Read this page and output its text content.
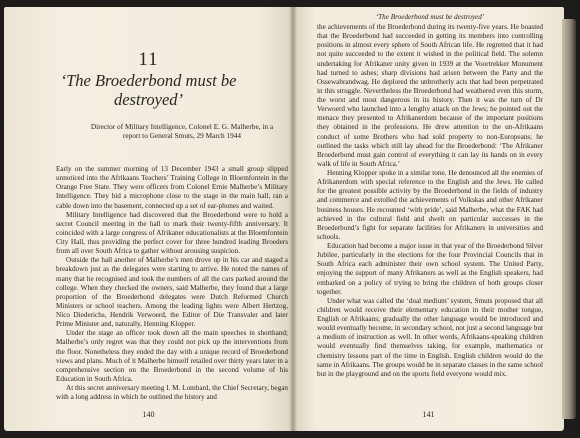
11
‘The Broederbond must be
destroyed’
Director of Military Intelligence, Colonel E. G. Malherbe, in a
report to General Smuts, 29 March 1944

Early on the summer morning of 13 December 1943 a small group slipped unnoticed into the Afrikaans Teachers’ Training College in Bloemfontein in the Orange Free State. They were officers from Colonel Ernie Malherbe’s Military Intelligence. They hid a microphone close to the stage in the main hall, ran a cable down into the basement, connected up a set of ear-phones and waited.

Military Intelligence had discovered that the Broederbond were to hold a secret Council meeting in the hall to mark their twenty-fifth anniversary. It coincided with a large congress of Afrikaner educationalists at the Bloemfontein City Hall, thus providing the perfect cover for three hundred leading Broeders from all over South Africa to gather without arousing suspicion.

Outside the hall another of Malherbe’s men drove up in his car and staged a breakdown just as the delegates were starting to arrive. He noted the names of many that he recognised and took the numbers of all the cars parked around the college. When they checked the owners, said Malherbe, they found that a large proportion of the Broederbond delegates were Dutch Reformed Church Ministers or school teachers. Among the leading lights were Albert Hertzog, Nico Diederichs, Hendrik Verwoerd, the Editor of Die Transvaler and later Prime Minister and, naturally, Henning Klopper.

Under the stage an officer took down all the main speeches in shorthand; Malherbe’s only regret was that they could not pick up the interventions from the floor. Nonetheless they ended the day with a unique record of Broederbond views and plans. Much of it Malherbe himself retailed over thirty years later in a comprehensive section on the Broederbond in the second volume of his Education in South Africa.

At this secret anniversary meeting I. M. Lombard, the Chief Secretary, began with a long address in which he outlined the history and

140
‘The Broederbond must be destroyed’

the achievements of the Broederbond during its twenty-five years. He boasted that the Broederbond had succeeded in getting its members into controlling positions in almost every sphere of South African life. He regretted that it had not quite succeeded to the extent it wished in the political field. The solemn undertaking for Afrikaner unity given in 1939 at the Voortrekker Monument had turned to ashes; sharp divisions had arisen between the Party and the Ossewabrandwag. He deplored the unbrotherly acts that had been perpetrated in this struggle. Nevertheless the Broederbond had weathered even this storm, the worst and most dangerous in its history. Then it was the turn of Dr Verwoerd who launched into a lengthy attack on the Jews; he pointed out the menace they presented to Afrikanerdom because of the important positions they obtained in the professions. He drew attention to the un-Afrikaans conduct of some Brothers who had sold property to non-Europeans; he outlined the tasks which still lay ahead for the Broederbond: ‘The Afrikaner Broederbond must gain control of everything it can lay its hands on in every walk of life in South Africa.’

Henning Klopper spoke in a similar tone. He denounced all the enemies of Afrikanerdom with special reference to the English and the Jews. He called for the greatest possible activity by the Broederbond in the fields of industry and commerce and extolled the achievements of Volkskas and other Afrikaner business houses. He recounted ‘with pride’, said Malherbe, what the FAK had achieved in the cultural field and dwelt on particular successes in the Broederbond’s fight for separate facilities for Afrikaners in universities and schools.

Education had become a major issue in that year of the Broederbond Silver Jubilee, particularly in the elections for the four Provincial Councils that in South Africa each administer their own school system. The United Party, enjoying the support of many Afrikaners as well as the English speakers, had embarked on a policy of trying to bring the children of both groups closer together.

Under what was called the ‘dual medium’ system, Smuts proposed that all children would receive their elementary education in their mother tongue, English or Afrikaans; gradually the other language would be introduced and would eventually become, in secondary school, not just a second language but a medium of instruction as well. In other words, Afrikaans-speaking children would eventually find themselves taking, for example, mathematics or chemistry lessons part of the time in English. English children would do the same in Afrikaans. The groups would be in separate classes in the same school but in the playground and on the sports field everyone would mix.

141
